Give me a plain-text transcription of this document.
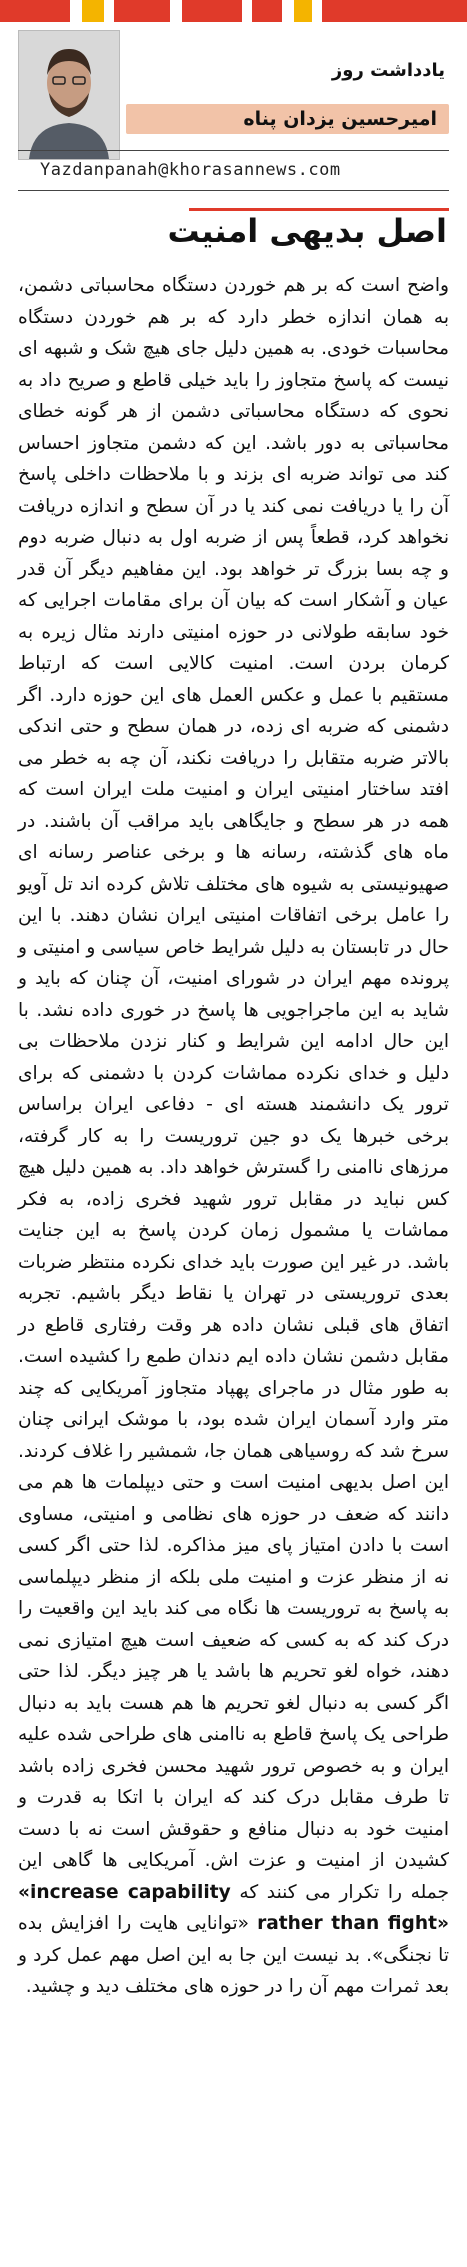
یادداشت روز
امیرحسین یزدان پناه
Yazdanpanah@khorasannews.com
اصل بدیهی امنیت

واضح است که بر هم خوردن دستگاه محاسباتی دشمن، به همان اندازه خطر دارد که بر هم خوردن دستگاه محاسبات خودی. به همین دلیل جای هیچ شک و شبهه ای نیست که پاسخ متجاوز را باید خیلی قاطع و صریح داد به نحوی که دستگاه محاسباتی دشمن از هر گونه خطای محاسباتی به دور باشد. این که دشمن متجاوز احساس کند می تواند ضربه ای بزند و با ملاحظات داخلی پاسخ آن را یا دریافت نمی کند یا در آن سطح و اندازه دریافت نخواهد کرد، قطعاً پس از ضربه اول به دنبال ضربه دوم و چه بسا بزرگ تر خواهد بود. این مفاهیم دیگر آن قدر عیان و آشکار است که بیان آن برای مقامات اجرایی که خود سابقه طولانی در حوزه امنیتی دارند مثال زیره به کرمان بردن است. امنیت کالایی است که ارتباط مستقیم با عمل و عکس العمل های این حوزه دارد. اگر دشمنی که ضربه ای زده، در همان سطح و حتی اندکی بالاتر ضربه متقابل را دریافت نکند، آن چه به خطر می افتد ساختار امنیتی ایران و امنیت ملت ایران است که همه در هر سطح و جایگاهی باید مراقب آن باشند. در ماه های گذشته، رسانه ها و برخی عناصر رسانه ای صهیونیستی به شیوه های مختلف تلاش کرده اند تل آویو را عامل برخی اتفاقات امنیتی ایران نشان دهند. با این حال در تابستان به دلیل شرایط خاص سیاسی و امنیتی و پرونده مهم ایران در شورای امنیت، آن چنان که باید و شاید به این ماجراجویی ها پاسخ در خوری داده نشد. با این حال ادامه این شرایط و کنار نزدن ملاحظات بی دلیل و خدای نکرده مماشات کردن با دشمنی که برای ترور یک دانشمند هسته ای - دفاعی ایران براساس برخی خبرها یک دو جین تروریست را به کار گرفته، مرزهای ناامنی را گسترش خواهد داد. به همین دلیل هیچ کس نباید در مقابل ترور شهید فخری زاده، به فکر مماشات یا مشمول زمان کردن پاسخ به این جنایت باشد. در غیر این صورت باید خدای نکرده منتظر ضربات بعدی تروریستی در تهران یا نقاط دیگر باشیم. تجربه اتفاق های قبلی نشان داده هر وقت رفتاری قاطع در مقابل دشمن نشان داده ایم دندان طمع را کشیده است. به طور مثال در ماجرای پهپاد متجاوز آمریکایی که چند متر وارد آسمان ایران شده بود، با موشک ایرانی چنان سرخ شد که روسیاهی همان جا، شمشیر را غلاف کردند. این اصل بدیهی امنیت است و حتی دیپلمات ها هم می دانند که ضعف در حوزه های نظامی و امنیتی، مساوی است با دادن امتیاز پای میز مذاکره. لذا حتی اگر کسی نه از منظر عزت و امنیت ملی بلکه از منظر دیپلماسی به پاسخ به تروریست ها نگاه می کند باید این واقعیت را درک کند که به کسی که ضعیف است هیچ امتیازی نمی دهند، خواه لغو تحریم ها باشد یا هر چیز دیگر. لذا حتی اگر کسی به دنبال لغو تحریم ها هم هست باید به دنبال طراحی یک پاسخ قاطع به ناامنی های طراحی شده علیه ایران و به خصوص ترور شهید محسن فخری زاده باشد تا طرف مقابل درک کند که ایران با اتکا به قدرت و امنیت خود به دنبال منافع و حقوقش است نه با دست کشیدن از امنیت و عزت اش. آمریکایی ها گاهی این جمله را تکرار می کنند که «increase capability rather than fight» «توانایی هایت را افزایش بده تا نجنگی». بد نیست این جا به این اصل مهم عمل کرد و بعد ثمرات مهم آن را در حوزه های مختلف دید و چشید.
